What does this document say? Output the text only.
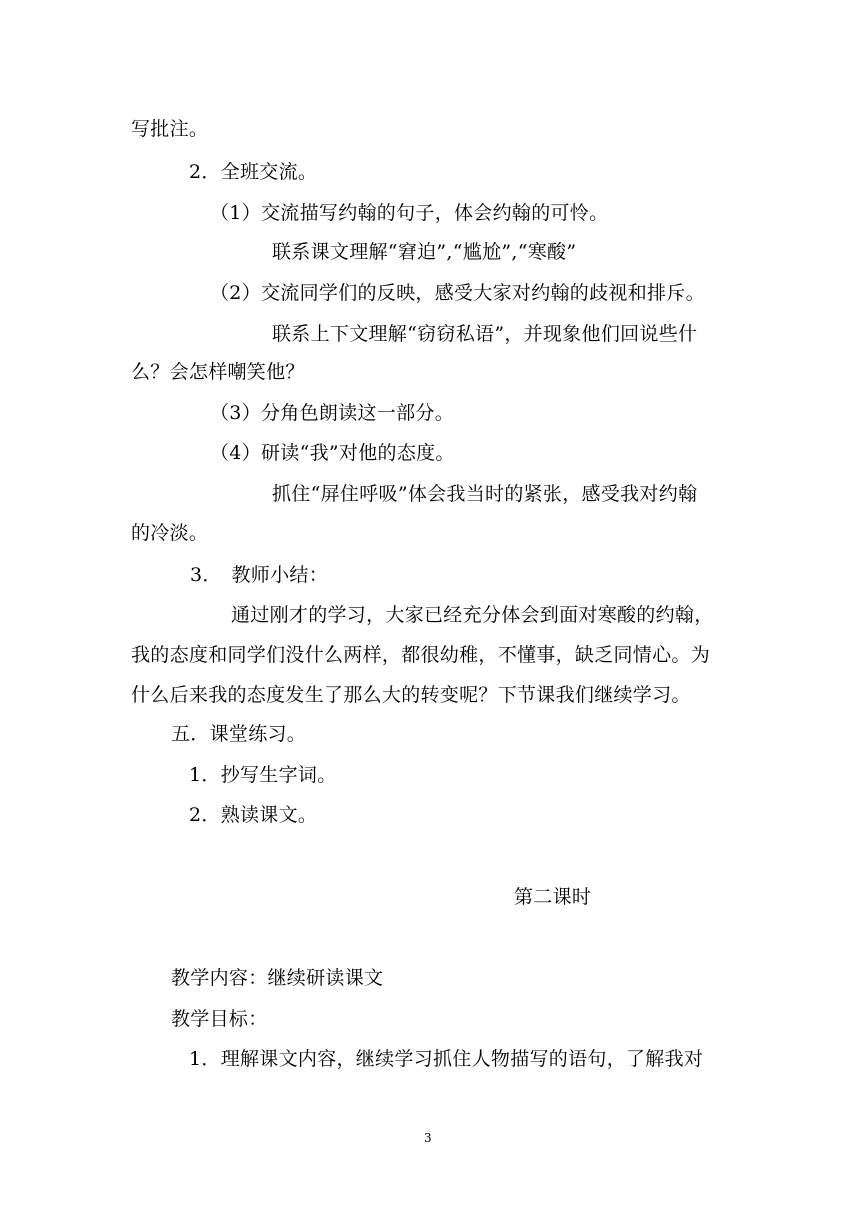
写批注。
2．全班交流。
（1）交流描写约翰的句子，体会约翰的可怜。
联系课文理解“窘迫”,“尴尬”,“寒酸”
（2）交流同学们的反映，感受大家对约翰的歧视和排斥。
联系上下文理解“窃窃私语”，并现象他们回说些什
么？会怎样嘲笑他？
（3）分角色朗读这一部分。
（4）研读“我”对他的态度。
抓住“屏住呼吸”体会我当时的紧张，感受我对约翰
的冷淡。
3．　教师小结：
通过刚才的学习，大家已经充分体会到面对寒酸的约翰，
我的态度和同学们没什么两样，都很幼稚，不懂事，缺乏同情心。为
什么后来我的态度发生了那么大的转变呢？下节课我们继续学习。
五．课堂练习。
1．抄写生字词。
2．熟读课文。
第二课时
教学内容：继续研读课文
教学目标：
1．理解课文内容，继续学习抓住人物描写的语句，了解我对
3
